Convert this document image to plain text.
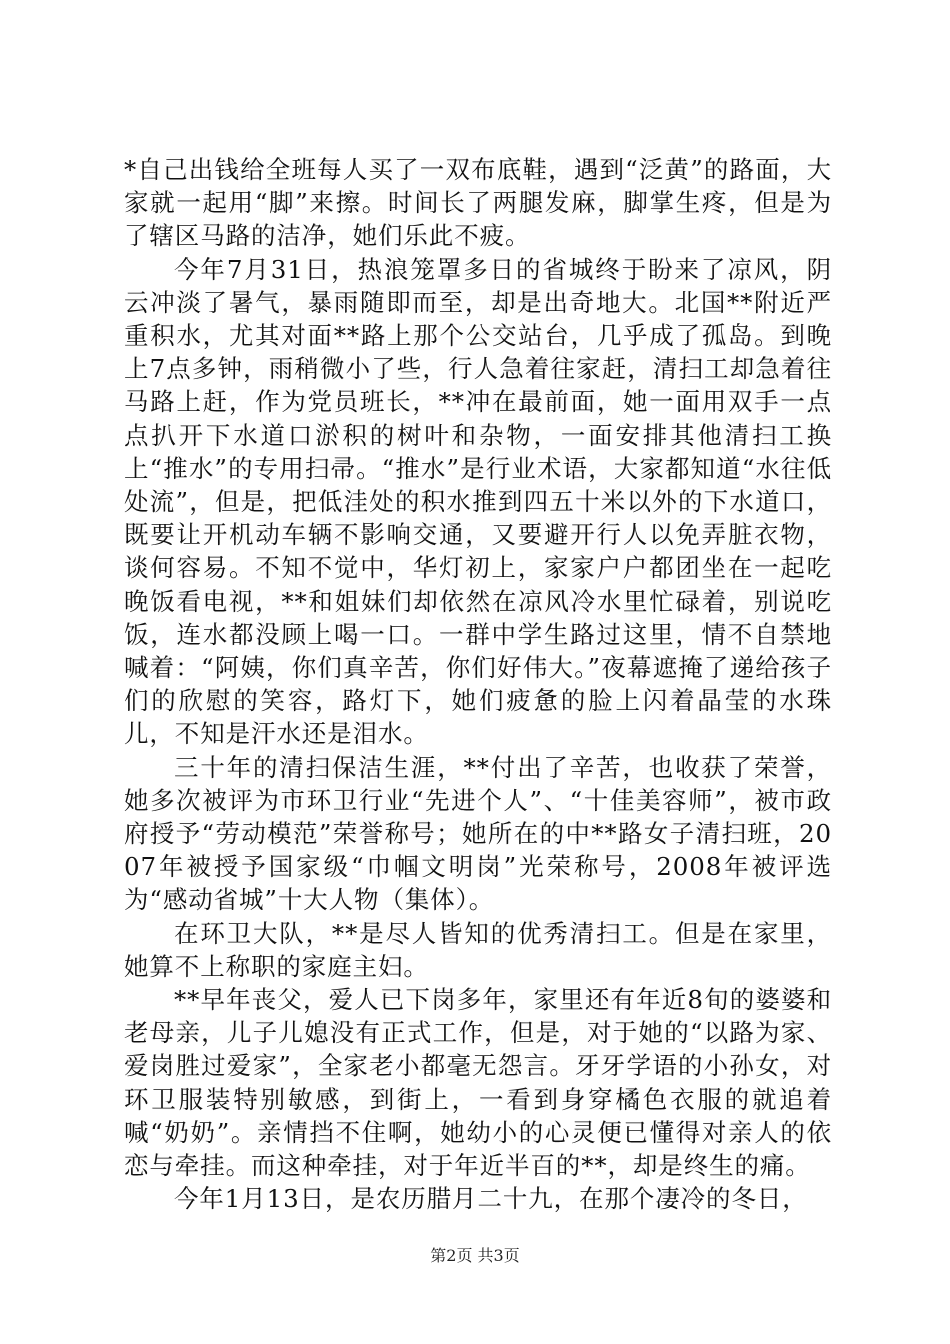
*自己出钱给全班每人买了一双布底鞋，遇到“泛黄”的路面，大家就一起用“脚”来擦。时间长了两腿发麻，脚掌生疼，但是为了辖区马路的洁净，她们乐此不疲。

今年7月31日，热浪笼罩多日的省城终于盼来了凉风，阴云冲淡了暑气，暴雨随即而至，却是出奇地大。北国**附近严重积水，尤其对面**路上那个公交站台，几乎成了孤岛。到晚上7点多钟，雨稍微小了些，行人急着往家赶，清扫工却急着往马路上赶，作为党员班长，**冲在最前面，她一面用双手一点点扒开下水道口淤积的树叶和杂物，一面安排其他清扫工换上“推水”的专用扫帚。“推水”是行业术语，大家都知道“水往低处流”，但是，把低洼处的积水推到四五十米以外的下水道口，既要让开机动车辆不影响交通，又要避开行人以免弄脏衣物，谈何容易。不知不觉中，华灯初上，家家户户都团坐在一起吃晚饭看电视，**和姐妹们却依然在凉风冷水里忙碌着，别说吃饭，连水都没顾上喝一口。一群中学生路过这里，情不自禁地喊着：“阿姨，你们真辛苦，你们好伟大。”夜幕遮掩了递给孩子们的欣慰的笑容，路灯下，她们疲惫的脸上闪着晶莹的水珠儿，不知是汗水还是泪水。

三十年的清扫保洁生涯，**付出了辛苦，也收获了荣誉，她多次被评为市环卫行业“先进个人”、“十佳美容师”，被市政府授予“劳动模范”荣誉称号；她所在的中**路女子清扫班，2007年被授予国家级“巾帼文明岗”光荣称号，2008年被评选为“感动省城”十大人物（集体）。

在环卫大队，**是尽人皆知的优秀清扫工。但是在家里，她算不上称职的家庭主妇。

**早年丧父，爱人已下岗多年，家里还有年近8旬的婆婆和老母亲，儿子儿媳没有正式工作，但是，对于她的“以路为家、爱岗胜过爱家”，全家老小都毫无怨言。牙牙学语的小孙女，对环卫服装特别敏感，到街上，一看到身穿橘色衣服的就追着喊“奶奶”。亲情挡不住啊，她幼小的心灵便已懂得对亲人的依恋与牵挂。而这种牵挂，对于年近半百的**，却是终生的痛。

今年1月13日，是农历腊月二十九，在那个凄冷的冬日，

第2页 共3页
